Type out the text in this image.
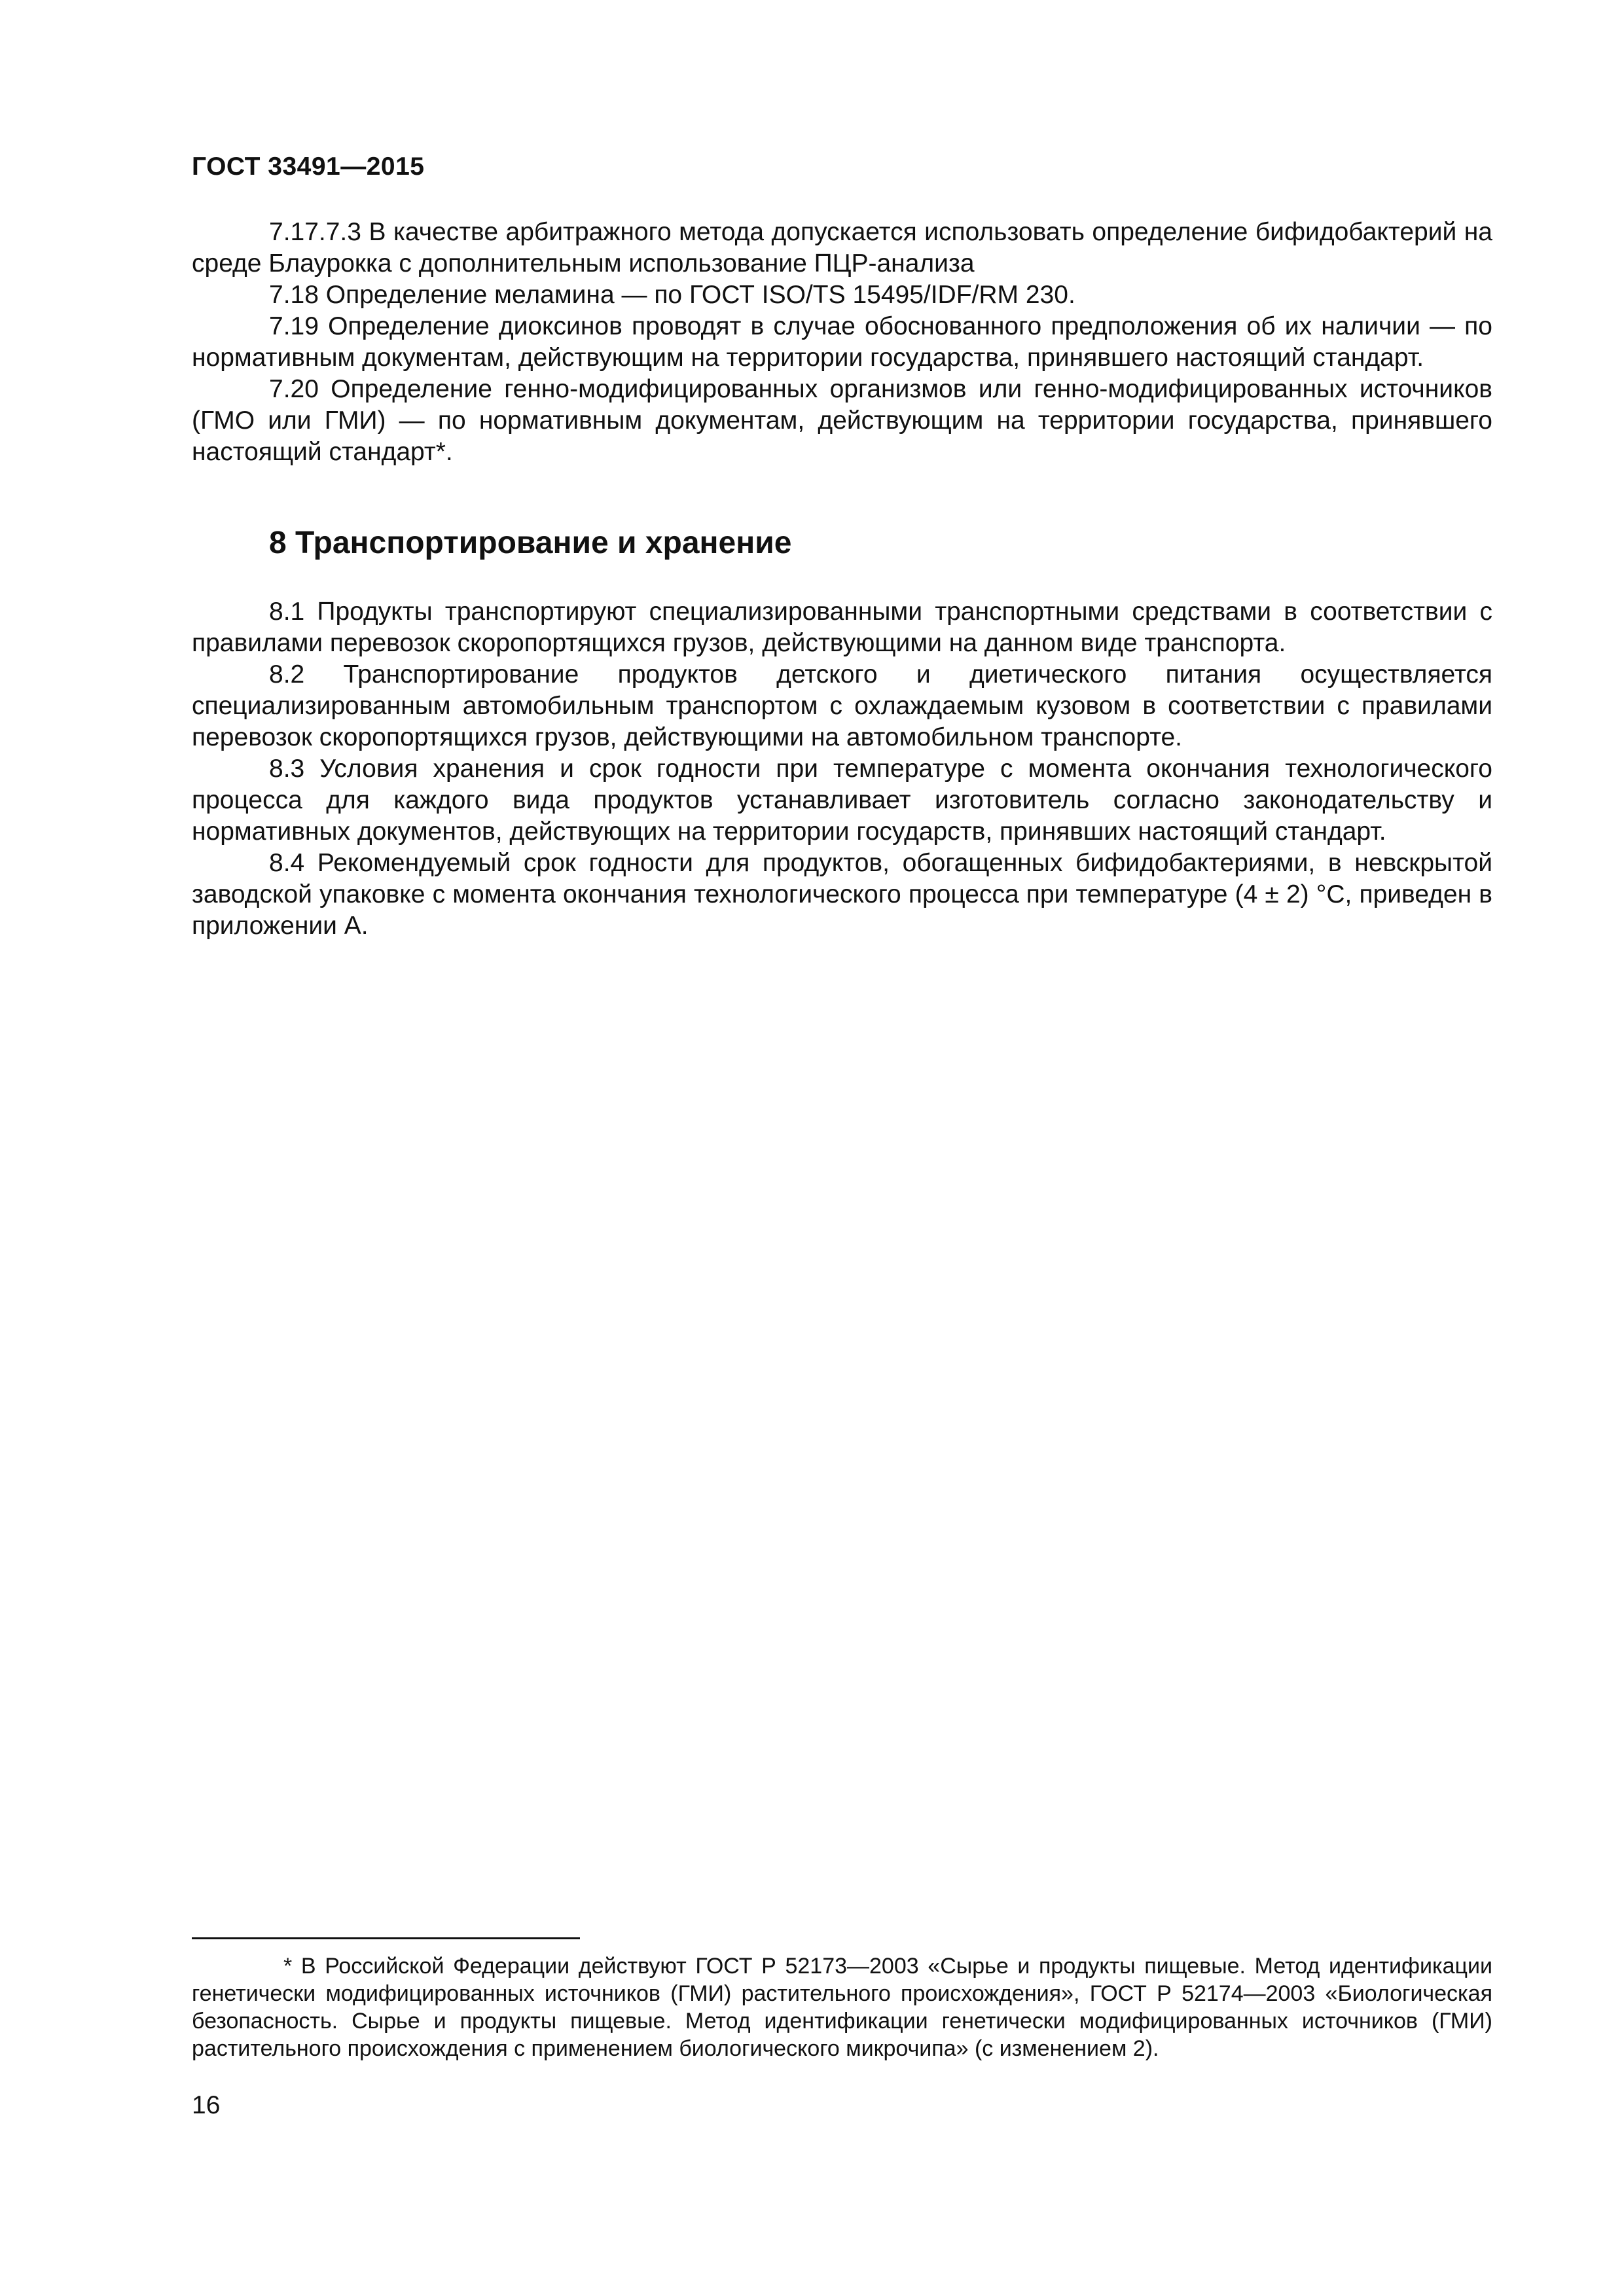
ГОСТ 33491—2015

7.17.7.3 В качестве арбитражного метода допускается использовать определение бифидобактерий на среде Блаурокка с дополнительным использование ПЦР-анализа

7.18 Определение меламина — по ГОСТ ISO/TS 15495/IDF/RM 230.

7.19 Определение диоксинов проводят в случае обоснованного предположения об их наличии — по нормативным документам, действующим на территории государства, принявшего настоящий стандарт.

7.20 Определение генно-модифицированных организмов или генно-модифицированных источников (ГМО или ГМИ) — по нормативным документам, действующим на территории государства, принявшего настоящий стандарт*.

8 Транспортирование и хранение

8.1 Продукты транспортируют специализированными транспортными средствами в соответствии с правилами перевозок скоропортящихся грузов, действующими на данном виде транспорта.

8.2 Транспортирование продуктов детского и диетического питания осуществляется специализированным автомобильным транспортом с охлаждаемым кузовом в соответствии с правилами перевозок скоропортящихся грузов, действующими на автомобильном транспорте.

8.3 Условия хранения и срок годности при температуре с момента окончания технологического процесса для каждого вида продуктов устанавливает изготовитель согласно законодательству и нормативных документов, действующих на территории государств, принявших настоящий стандарт.

8.4 Рекомендуемый срок годности для продуктов, обогащенных бифидобактериями, в невскрытой заводской упаковке с момента окончания технологического процесса при температуре (4 ± 2) °С, приведен в приложении А.

* В Российской Федерации действуют ГОСТ Р 52173—2003 «Сырье и продукты пищевые. Метод идентификации генетически модифицированных источников (ГМИ) растительного происхождения», ГОСТ Р 52174—2003 «Биологическая безопасность. Сырье и продукты пищевые. Метод идентификации генетически модифицированных источников (ГМИ) растительного происхождения с применением биологического микрочипа» (с изменением 2).
16
